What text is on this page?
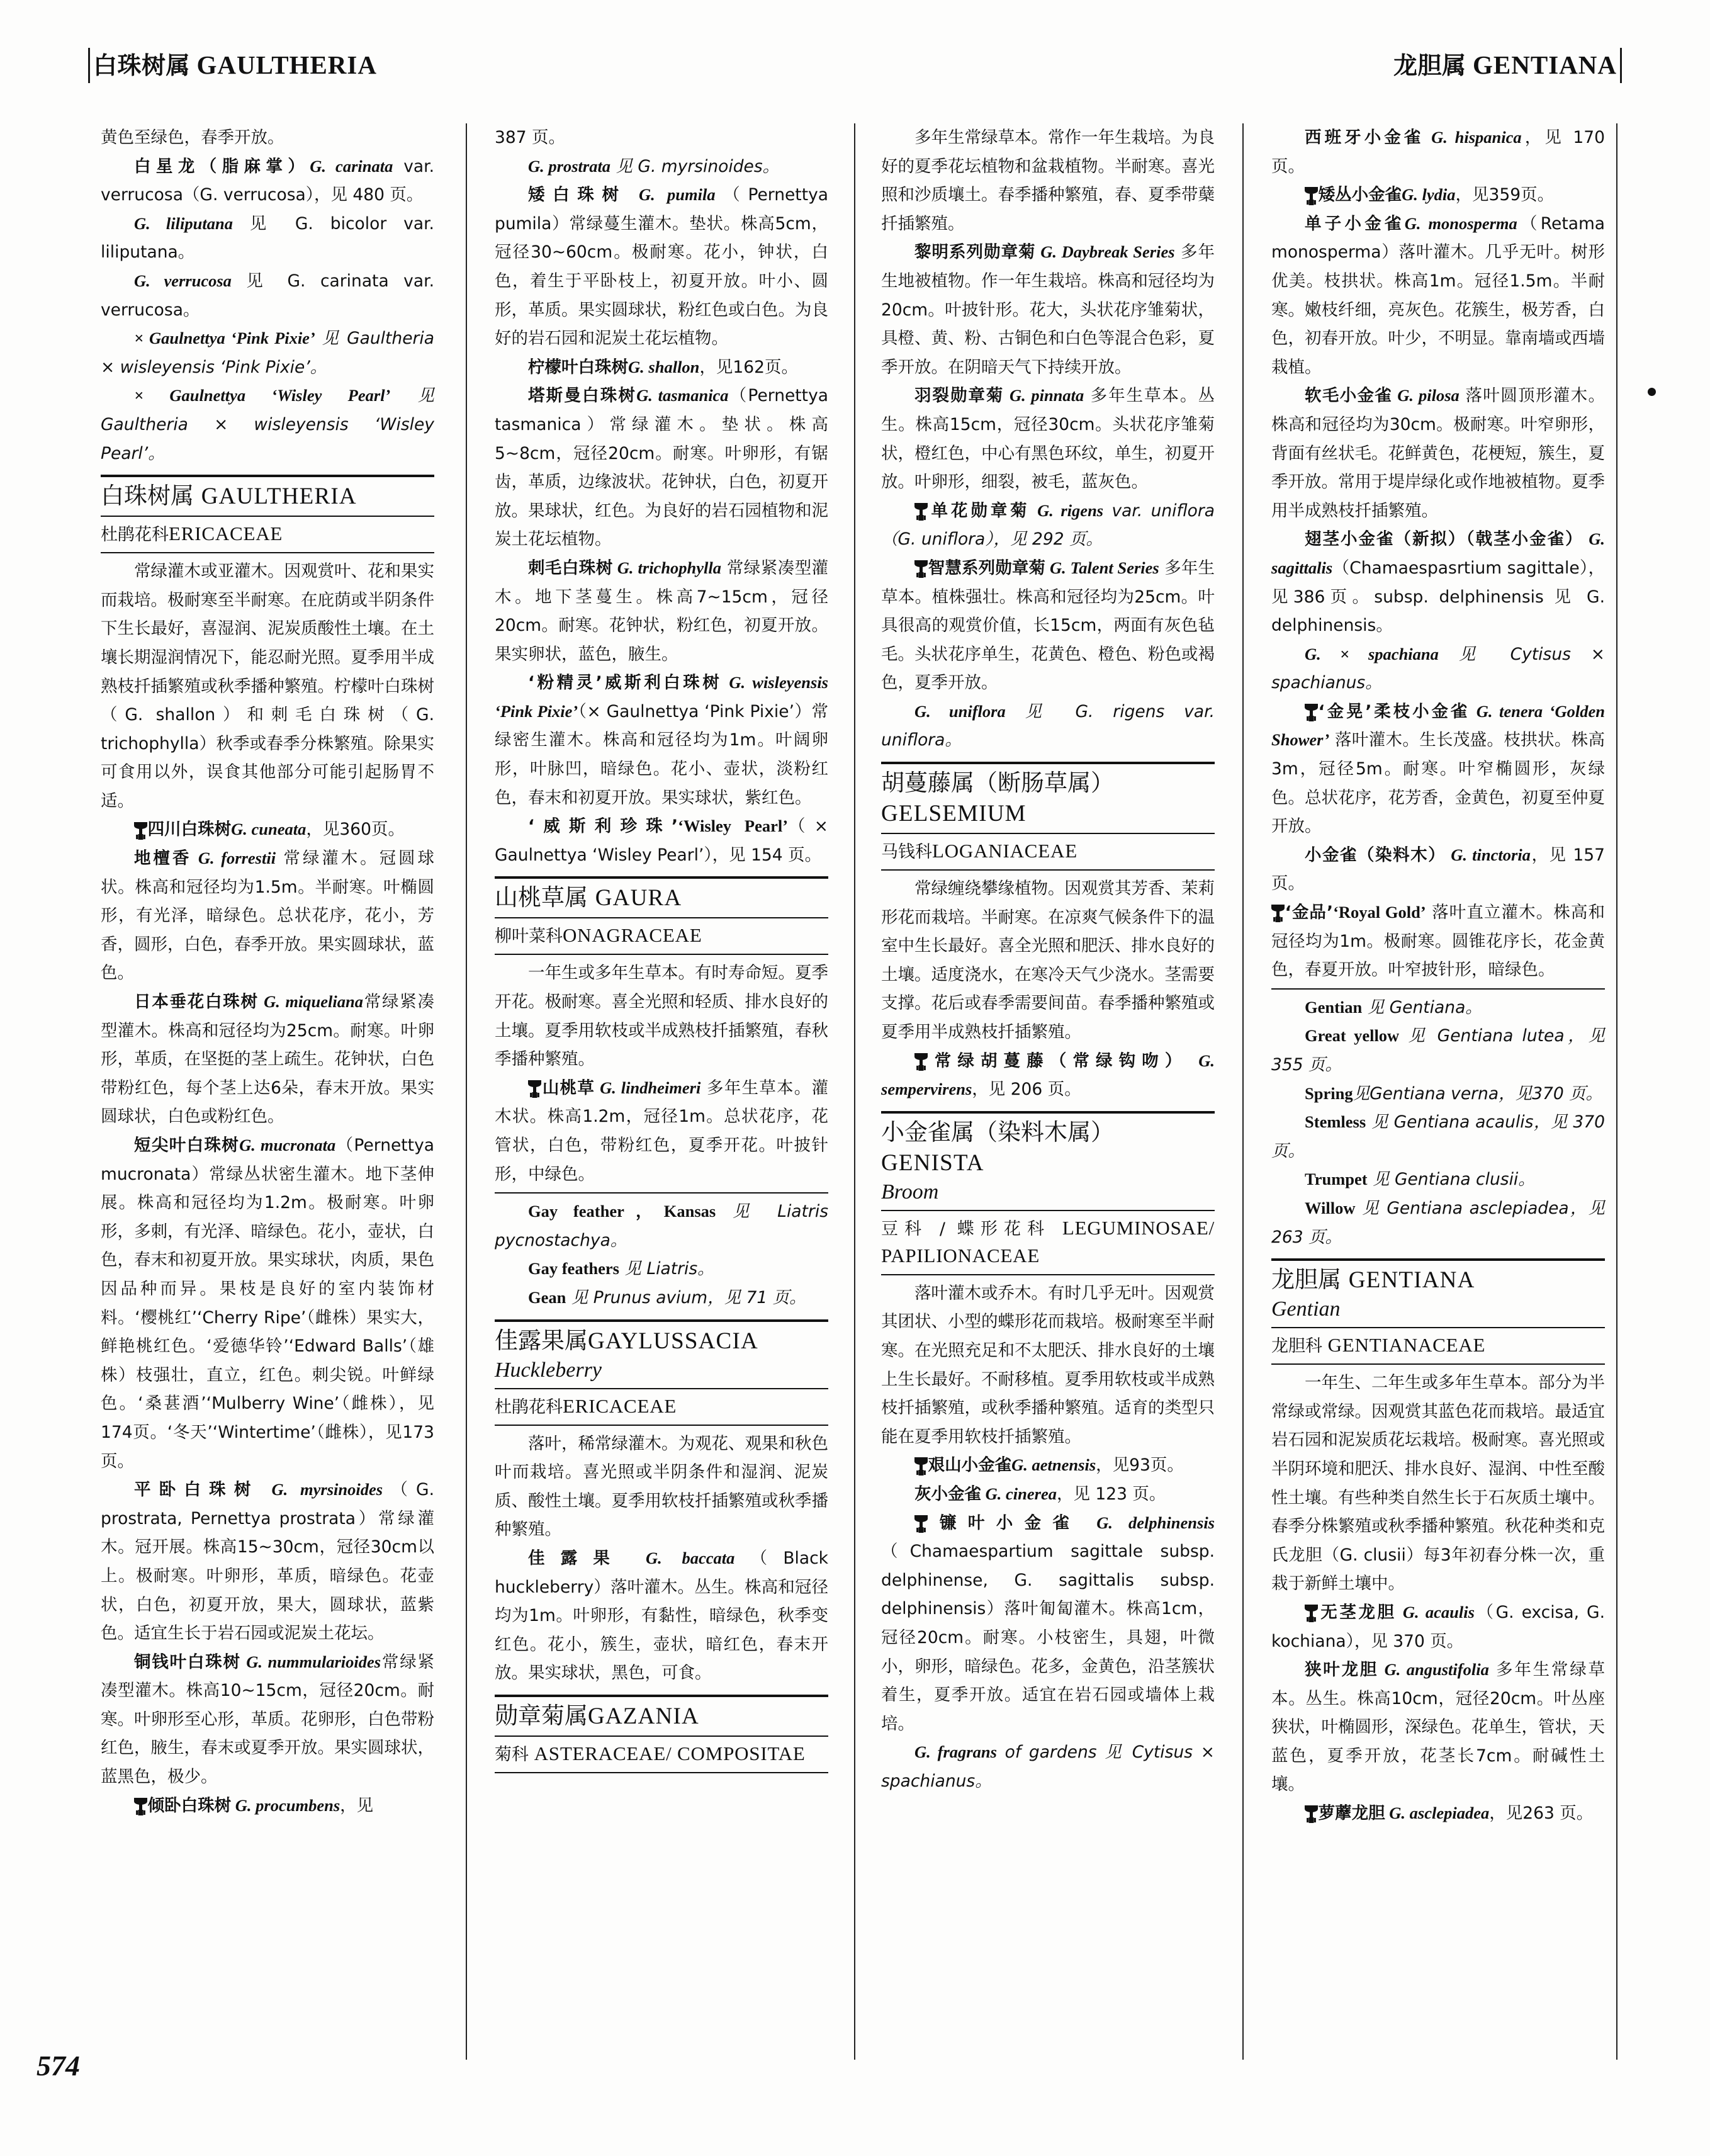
白珠树属 GAULTHERIA	龙胆属 GENTIANA

黄色至绿色，春季开放。

白星龙（脂麻掌）G. carinata var. verrucosa（G. verrucosa），见 480 页。

G. liliputana 见 G. bicolor var. liliputana。

G. verrucosa 见 G. carinata var. verrucosa。

× Gaulnettya ‘Pink Pixie’ 见 Gaultheria × wisleyensis ‘Pink Pixie’。

× Gaulnettya ‘Wisley Pearl’ 见 Gaultheria × wisleyensis ‘Wisley Pearl’。

白珠树属 GAULTHERIA

杜鹃花科ERICACEAE

常绿灌木或亚灌木。因观赏叶、花和果实而栽培。极耐寒至半耐寒。在庇荫或半阴条件下生长最好，喜湿润、泥炭质酸性土壤。在土壤长期湿润情况下，能忍耐光照。夏季用半成熟枝扦插繁殖或秋季播种繁殖。柠檬叶白珠树（G. shallon）和刺毛白珠树（G. trichophylla）秋季或春季分株繁殖。除果实可食用以外，误食其他部分可能引起肠胃不适。

四川白珠树G. cuneata，见360页。

地檀香 G. forrestii 常绿灌木。冠圆球状。株高和冠径均为1.5m。半耐寒。叶椭圆形，有光泽，暗绿色。总状花序，花小，芳香，圆形，白色，春季开放。果实圆球状，蓝色。

日本垂花白珠树 G. miqueliana常绿紧凑型灌木。株高和冠径均为25cm。耐寒。叶卵形，革质，在坚挺的茎上疏生。花钟状，白色带粉红色，每个茎上达6朵，春末开放。果实圆球状，白色或粉红色。

短尖叶白珠树G. mucronata（Pernettya mucronata）常绿丛状密生灌木。地下茎伸展。株高和冠径均为1.2m。极耐寒。叶卵形，多刺，有光泽、暗绿色。花小，壶状，白色，春末和初夏开放。果实球状，肉质，果色因品种而异。果枝是良好的室内装饰材料。‘樱桃红’‘Cherry Ripe’（雌株）果实大，鲜艳桃红色。‘爱德华铃’‘Edward Balls’（雄株）枝强壮，直立，红色。刺尖锐。叶鲜绿色。‘桑葚酒’‘Mulberry Wine’（雌株），见174页。‘冬天’‘Wintertime’（雌株），见173页。

平卧白珠树 G. myrsinoides（G. prostrata, Pernettya prostrata）常绿灌木。冠开展。株高15~30cm，冠径30cm以上。极耐寒。叶卵形，革质，暗绿色。花壶状，白色，初夏开放，果大，圆球状，蓝紫色。适宜生长于岩石园或泥炭土花坛。

铜钱叶白珠树 G. nummularioides常绿紧凑型灌木。株高10~15cm，冠径20cm。耐寒。叶卵形至心形，革质。花卵形，白色带粉红色，腋生，春末或夏季开放。果实圆球状，蓝黑色，极少。

倾卧白珠树 G. procumbens，见

387 页。

G. prostrata 见 G. myrsinoides。

矮白珠树 G. pumila（Pernettya pumila）常绿蔓生灌木。垫状。株高5cm，冠径30~60cm。极耐寒。花小，钟状，白色，着生于平卧枝上，初夏开放。叶小、圆形，革质。果实圆球状，粉红色或白色。为良好的岩石园和泥炭土花坛植物。

柠檬叶白珠树G. shallon，见162页。

塔斯曼白珠树G. tasmanica（Pernettya tasmanica）常绿灌木。垫状。株高5~8cm，冠径20cm。耐寒。叶卵形，有锯齿，革质，边缘波状。花钟状，白色，初夏开放。果球状，红色。为良好的岩石园植物和泥炭土花坛植物。

刺毛白珠树 G. trichophylla 常绿紧凑型灌木。地下茎蔓生。株高7~15cm，冠径20cm。耐寒。花钟状，粉红色，初夏开放。果实卵状，蓝色，腋生。

‘粉精灵’威斯利白珠树 G. wisleyensis ‘Pink Pixie’（× Gaulnettya ‘Pink Pixie’）常绿密生灌木。株高和冠径均为1m。叶阔卵形，叶脉凹，暗绿色。花小、壶状，淡粉红色，春末和初夏开放。果实球状，紫红色。

‘威斯利珍珠’‘Wisley Pearl’（× Gaulnettya ‘Wisley Pearl’），见 154 页。

山桃草属 GAURA

柳叶菜科ONAGRACEAE

一年生或多年生草本。有时寿命短。夏季开花。极耐寒。喜全光照和轻质、排水良好的土壤。夏季用软枝或半成熟枝扦插繁殖，春秋季播种繁殖。

山桃草 G. lindheimeri 多年生草本。灌木状。株高1.2m，冠径1m。总状花序，花管状，白色，带粉红色，夏季开花。叶披针形，中绿色。

Gay feather，Kansas 见 Liatris pycnostachya。

Gay feathers 见 Liatris。

Gean 见 Prunus avium，见 71 页。

佳露果属GAYLUSSACIA

Huckleberry

杜鹃花科ERICACEAE

落叶，稀常绿灌木。为观花、观果和秋色叶而栽培。喜光照或半阴条件和湿润、泥炭质、酸性土壤。夏季用软枝扦插繁殖或秋季播种繁殖。

佳露果 G. baccata（Black huckleberry）落叶灌木。丛生。株高和冠径均为1m。叶卵形，有黏性，暗绿色，秋季变红色。花小，簇生，壶状，暗红色，春末开放。果实球状，黑色，可食。

勋章菊属GAZANIA

菊科 ASTERACEAE/ COMPOSITAE

多年生常绿草本。常作一年生栽培。为良好的夏季花坛植物和盆栽植物。半耐寒。喜光照和沙质壤土。春季播种繁殖，春、夏季带蘖扦插繁殖。

黎明系列勋章菊 G. Daybreak Series 多年生地被植物。作一年生栽培。株高和冠径均为20cm。叶披针形。花大，头状花序雏菊状，具橙、黄、粉、古铜色和白色等混合色彩，夏季开放。在阴暗天气下持续开放。

羽裂勋章菊 G. pinnata 多年生草本。丛生。株高15cm，冠径30cm。头状花序雏菊状，橙红色，中心有黑色环纹，单生，初夏开放。叶卵形，细裂，被毛，蓝灰色。

单花勋章菊 G. rigens var. uniflora（G. uniflora），见 292 页。

智慧系列勋章菊 G. Talent Series 多年生草本。植株强壮。株高和冠径均为25cm。叶具很高的观赏价值，长15cm，两面有灰色毡毛。头状花序单生，花黄色、橙色、粉色或褐色，夏季开放。

G. uniflora 见 G. rigens var. uniflora。

胡蔓藤属（断肠草属）
GELSEMIUM

马钱科LOGANIACEAE

常绿缠绕攀缘植物。因观赏其芳香、茉莉形花而栽培。半耐寒。在凉爽气候条件下的温室中生长最好。喜全光照和肥沃、排水良好的土壤。适度浇水，在寒冷天气少浇水。茎需要支撑。花后或春季需要间苗。春季播种繁殖或夏季用半成熟枝扦插繁殖。

常绿胡蔓藤（常绿钩吻） G. sempervirens，见 206 页。

小金雀属（染料木属）
GENISTA

Broom

豆科 / 蝶形花科 LEGUMINOSAE/ PAPILIONACEAE

落叶灌木或乔木。有时几乎无叶。因观赏其团状、小型的蝶形花而栽培。极耐寒至半耐寒。在光照充足和不太肥沃、排水良好的土壤上生长最好。不耐移植。夏季用软枝或半成熟枝扦插繁殖，或秋季播种繁殖。适育的类型只能在夏季用软枝扦插繁殖。

艰山小金雀G. aetnensis，见93页。

灰小金雀 G. cinerea，见 123 页。

镰叶小金雀 G. delphinensis（Chamaespartium sagittale subsp. delphinense, G. sagittalis subsp. delphinensis）落叶匍匐灌木。株高1cm，冠径20cm。耐寒。小枝密生，具翅，叶微小，卵形，暗绿色。花多，金黄色，沿茎簇状着生，夏季开放。适宜在岩石园或墙体上栽培。

G. fragrans of gardens 见 Cytisus × spachianus。

西班牙小金雀 G. hispanica，见 170 页。

矮丛小金雀G. lydia，见359页。

单子小金雀G. monosperma（Retama monosperma）落叶灌木。几乎无叶。树形优美。枝拱状。株高1m。冠径1.5m。半耐寒。嫩枝纤细，亮灰色。花簇生，极芳香，白色，初春开放。叶少，不明显。靠南墙或西墙栽植。

软毛小金雀 G. pilosa 落叶圆顶形灌木。株高和冠径均为30cm。极耐寒。叶窄卵形，背面有丝状毛。花鲜黄色，花梗短，簇生，夏季开放。常用于堤岸绿化或作地被植物。夏季用半成熟枝扦插繁殖。

翅茎小金雀（新拟）（戟茎小金雀） G. sagittalis（Chamaespasrtium sagittale），见386页。subsp. delphinensis 见 G. delphinensis。

G. × spachiana 见 Cytisus × spachianus。

‘金晃’柔枝小金雀 G. tenera ‘Golden Shower’ 落叶灌木。生长茂盛。枝拱状。株高3m，冠径5m。耐寒。叶窄椭圆形，灰绿色。总状花序，花芳香，金黄色，初夏至仲夏开放。

小金雀（染料木） G. tinctoria，见 157 页。

‘金品’‘Royal Gold’ 落叶直立灌木。株高和冠径均为1m。极耐寒。圆锥花序长，花金黄色，春夏开放。叶窄披针形，暗绿色。

Gentian 见 Gentiana。

Great yellow 见 Gentiana lutea，见 355 页。

Spring见Gentiana verna，见370 页。

Stemless 见 Gentiana acaulis，见 370 页。

Trumpet 见 Gentiana clusii。

Willow 见 Gentiana asclepiadea，见263 页。

龙胆属 GENTIANA

Gentian

龙胆科 GENTIANACEAE

一年生、二年生或多年生草本。部分为半常绿或常绿。因观赏其蓝色花而栽培。最适宜岩石园和泥炭质花坛栽培。极耐寒。喜光照或半阴环境和肥沃、排水良好、湿润、中性至酸性土壤。有些种类自然生长于石灰质土壤中。春季分株繁殖或秋季播种繁殖。秋花种类和克氏龙胆（G. clusii）每3年初春分株一次，重栽于新鲜土壤中。

无茎龙胆 G. acaulis（G. excisa, G. kochiana），见 370 页。

狭叶龙胆 G. angustifolia 多年生常绿草本。丛生。株高10cm，冠径20cm。叶丛座狭状，叶椭圆形，深绿色。花单生，管状，天蓝色，夏季开放，花茎长7cm。耐碱性土壤。

萝藦龙胆 G. asclepiadea，见263 页。

574
